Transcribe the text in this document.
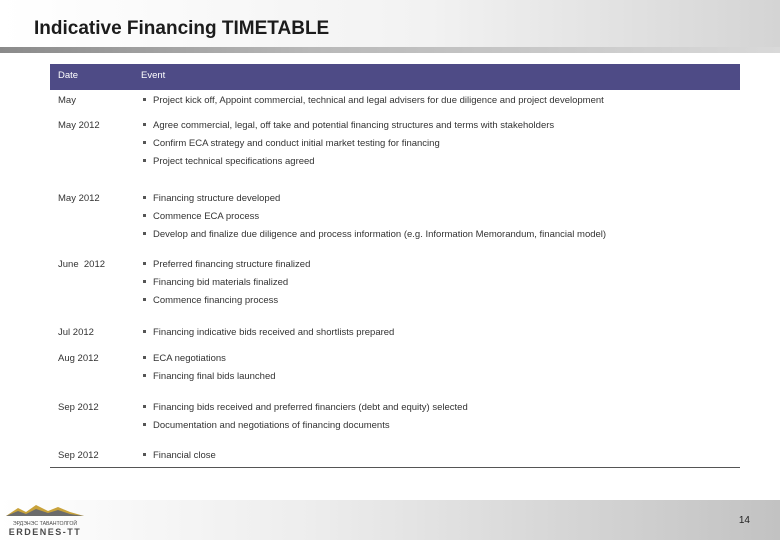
Indicative Financing TIMETABLE
Date	Event
May	Project kick off, Appoint commercial, technical and legal advisers for due diligence and project development
May 2012	Agree commercial, legal, off take and potential financing structures and terms with stakeholders
Confirm ECA strategy and conduct initial market testing for financing
Project technical specifications agreed
May 2012	Financing structure developed
Commence ECA process
Develop and finalize due diligence and process information (e.g. Information Memorandum, financial model)
June  2012	Preferred financing structure finalized
Financing bid materials finalized
Commence financing process
Jul 2012	Financing indicative bids received and shortlists prepared
Aug 2012	ECA negotiations
Financing final bids launched
Sep 2012	Financing bids received and preferred financiers (debt and equity) selected
Documentation and negotiations of financing documents
Sep 2012	Financial close
ЭРДЭНЭС ТАВАНТОЛГОЙ
ERDENES-TT
14
